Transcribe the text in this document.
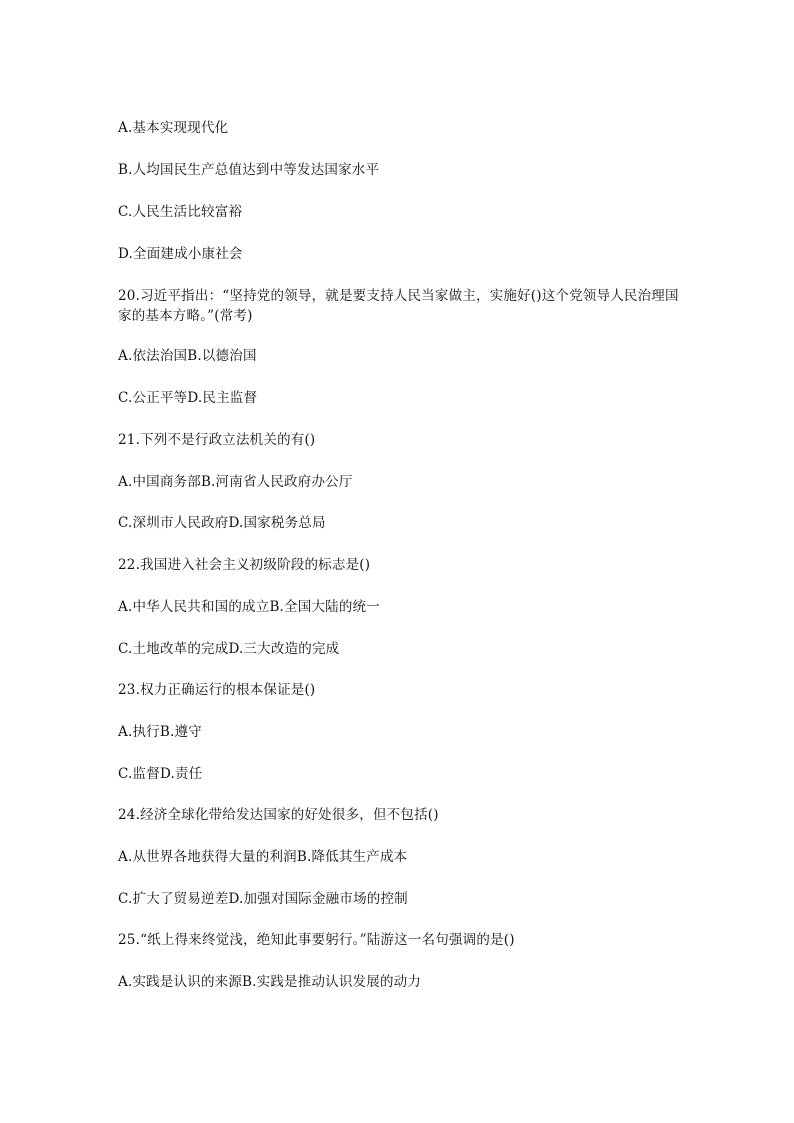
A.基本实现现代化
B.人均国民生产总值达到中等发达国家水平
C.人民生活比较富裕
D.全面建成小康社会
20.习近平指出：“坚持党的领导，就是要支持人民当家做主，实施好()这个党领导人民治理国家的基本方略。”(常考)
A.依法治国B.以德治国
C.公正平等D.民主监督
21.下列不是行政立法机关的有()
A.中国商务部B.河南省人民政府办公厅
C.深圳市人民政府D.国家税务总局
22.我国进入社会主义初级阶段的标志是()
A.中华人民共和国的成立B.全国大陆的统一
C.土地改革的完成D.三大改造的完成
23.权力正确运行的根本保证是()
A.执行B.遵守
C.监督D.责任
24.经济全球化带给发达国家的好处很多，但不包括()
A.从世界各地获得大量的利润B.降低其生产成本
C.扩大了贸易逆差D.加强对国际金融市场的控制
25.“纸上得来终觉浅，绝知此事要躬行。”陆游这一名句强调的是()
A.实践是认识的来源B.实践是推动认识发展的动力
